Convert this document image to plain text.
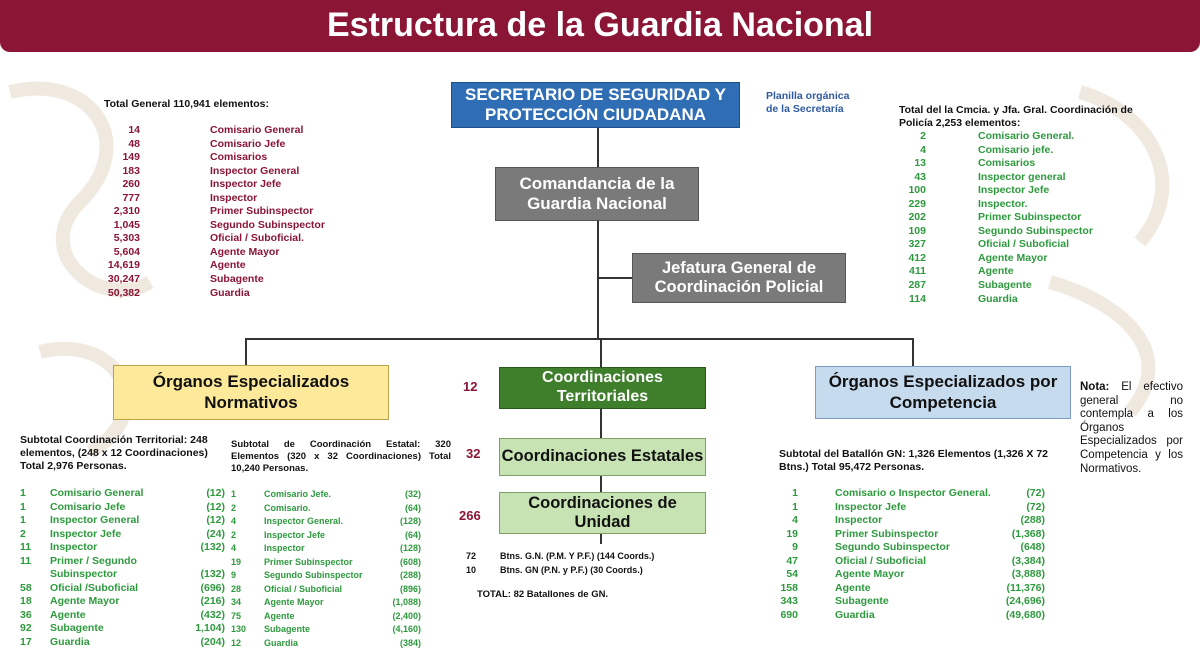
Estructura de la Guardia Nacional
SECRETARIO DE SEGURIDAD Y PROTECCIÓN CIUDADANA
Planilla orgánica de la Secretaría
Comandancia de la Guardia Nacional
Jefatura General de Coordinación Policial
Órganos Especializados Normativos
12
Coordinaciones Territoriales
32 Coordinaciones Estatales
266
Coordinaciones de Unidad
Órganos Especializados por Competencia
Nota: El efectivo general no contempla a los Órganos Especializados por Competencia y los Normativos.
Total General 110,941 elementos:
14	Comisario General
48	Comisario Jefe
149	Comisarios
183	Inspector General
260	Inspector Jefe
777	Inspector
2,310	Primer Subinspector
1,045	Segundo Subinspector
5,303	Oficial / Suboficial.
5,604	Agente Mayor
14,619	Agente
30,247	Subagente
50,382	Guardia
Total del la Cmcia. y Jfa. Gral. Coordinación de Policía 2,253 elementos:
2	Comisario General.
4	Comisario jefe.
13	Comisarios
43	Inspector general
100	Inspector Jefe
229	Inspector.
202	Primer Subinspector
109	Segundo Subinspector
327	Oficial / Suboficial
412	Agente Mayor
411	Agente
287	Subagente
114	Guardia
Subtotal Coordinación Territorial: 248 elementos, (248 x 12 Coordinaciones) Total 2,976 Personas.
1	Comisario General	(12)
1	Comisario Jefe	(12)
1	Inspector General	(12)
2	Inspector Jefe	(24)
11 Inspector	(132)
11 Primer / Segundo
Subinspector	(132)
58 Oficial /Suboficial	(696)
18 Agente Mayor	(216)
36 Agente	(432)
92 Subagente	1,104)
17 Guardia	(204)
Subtotal de Coordinación Estatal: 320 Elementos (320 x 32 Coordinaciones) Total 10,240 Personas.
1	Comisario Jefe.	(32)
2	Comisario.	(64)
4	Inspector General.	(128)
2	Inspector Jefe	(64)
4	Inspector	(128)
19	Primer Subinspector	(608)
9	Segundo Subinspector	(288)
28	Oficial / Suboficial	(896)
34	Agente Mayor	(1,088)
75	Agente	(2,400)
130	Subagente	(4,160)
12	Guardia	(384)
72	Btns. G.N. (P.M. Y P.F.) (144 Coords.)
10	Btns. GN (P.N. y P.F.) (30 Coords.)
TOTAL: 82 Batallones de GN.
Subtotal del Batallón GN: 1,326 Elementos (1,326 X 72 Btns.) Total 95,472 Personas.
1	Comisario o Inspector General.	(72)
1	Inspector Jefe	(72)
4	Inspector	(288)
19	Primer Subinspector	(1,368)
9	Segundo Subinspector	(648)
47	Oficial / Suboficial	(3,384)
54	Agente Mayor	(3,888)
158	Agente	(11,376)
343	Subagente	(24,696)
690	Guardia	(49,680)
